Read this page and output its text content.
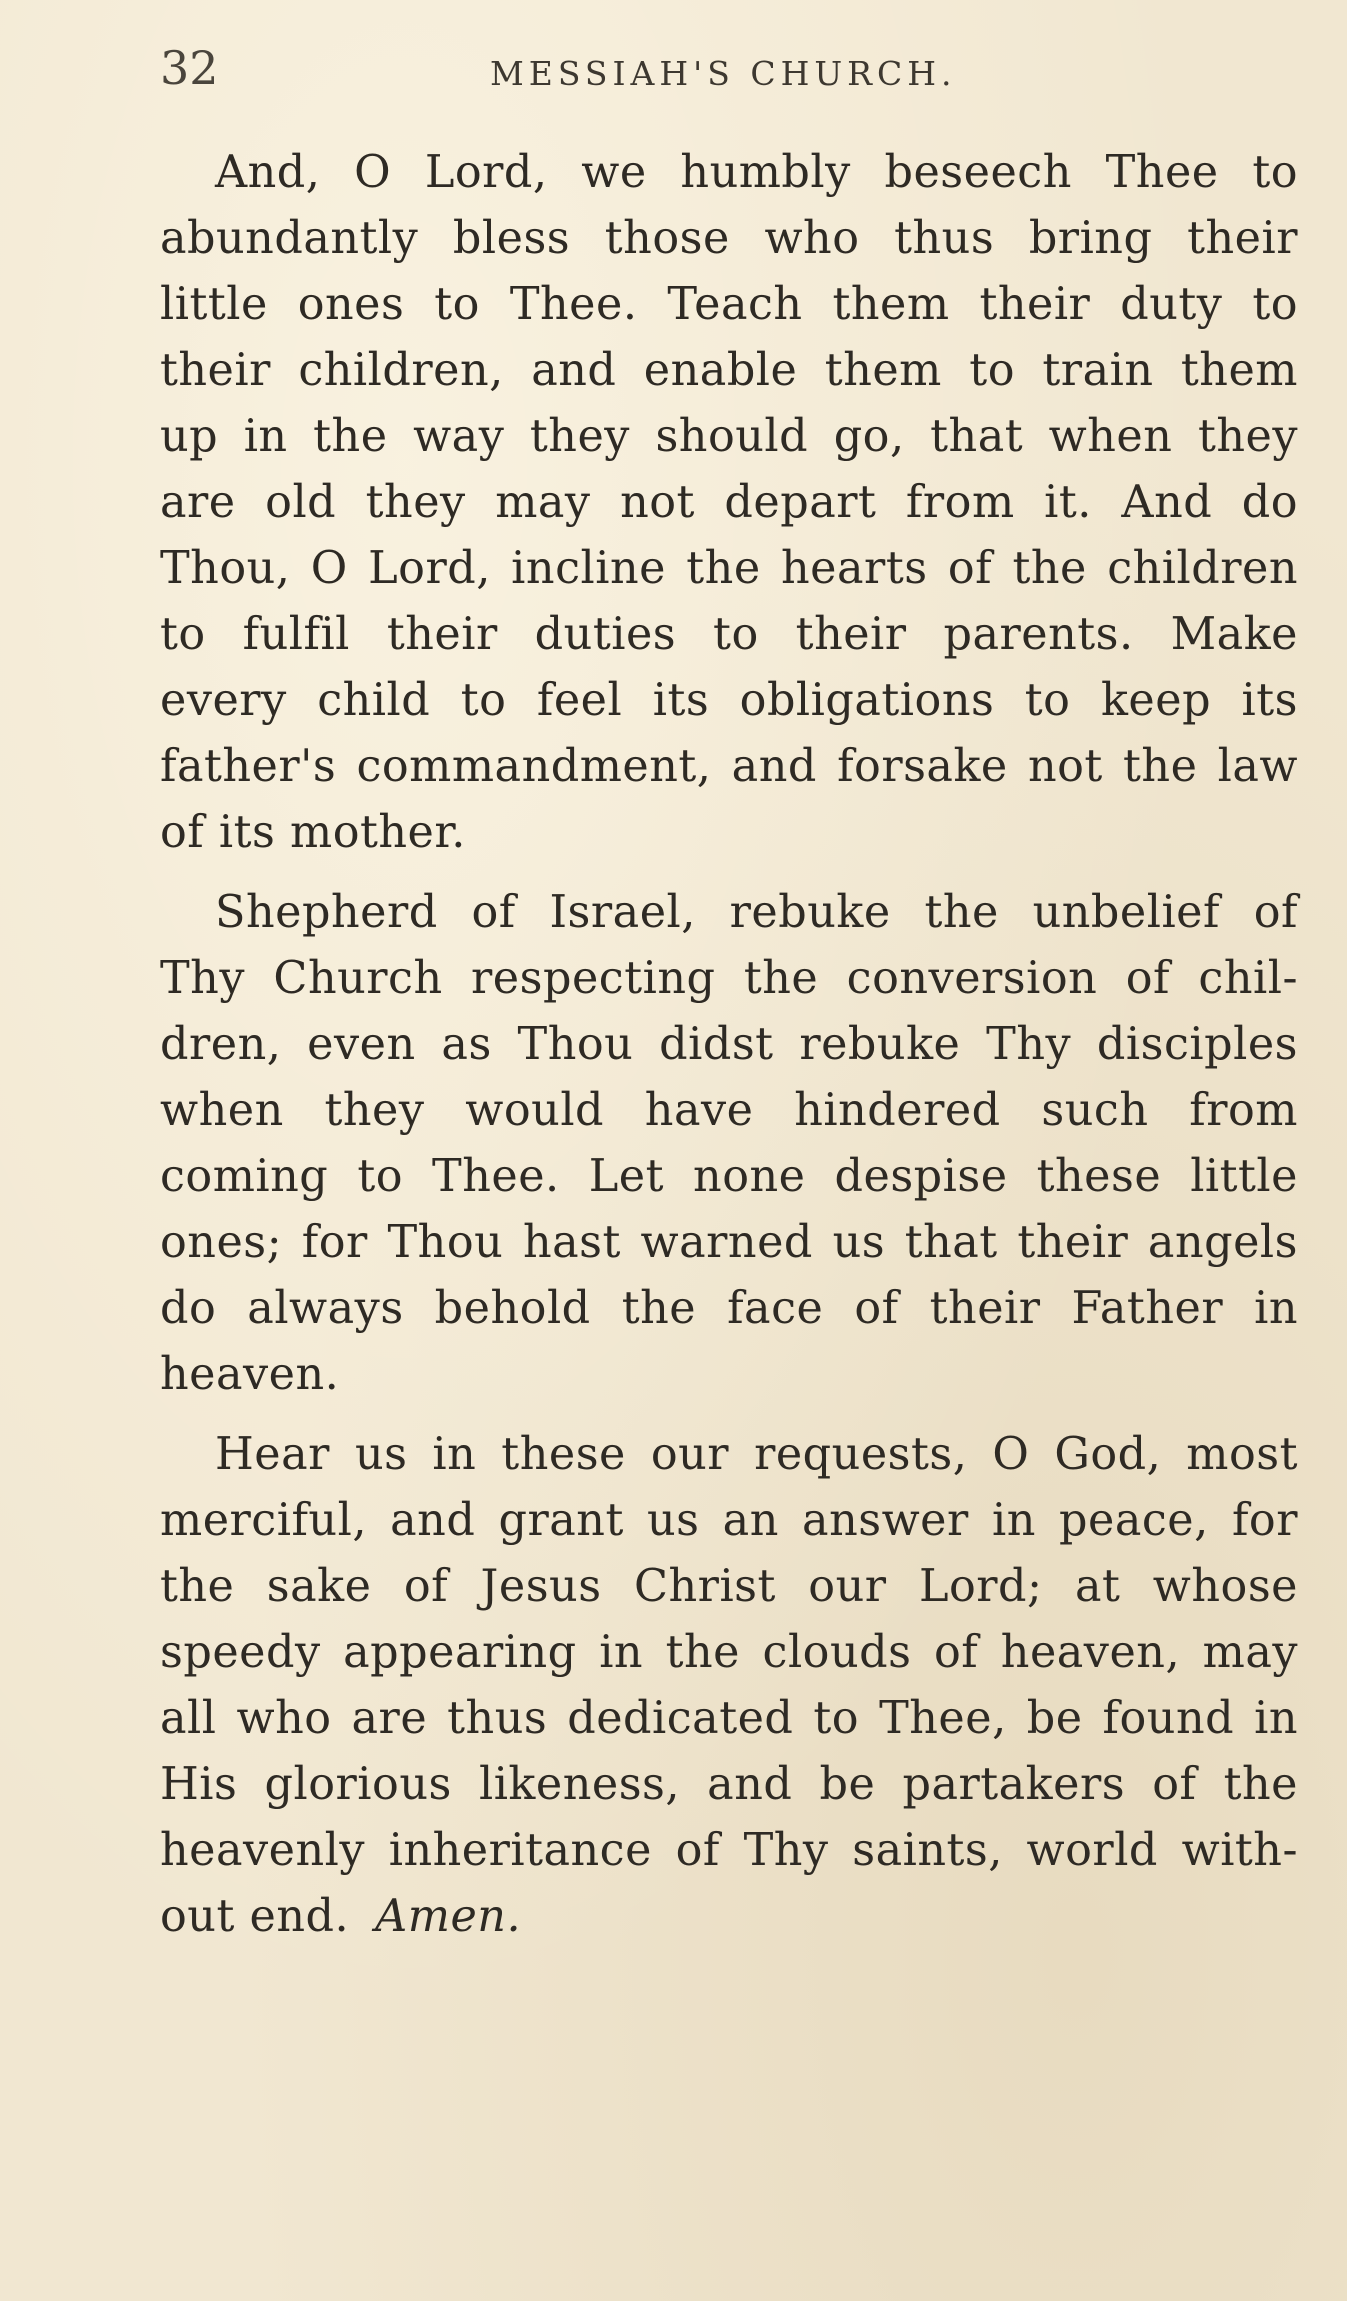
32	MESSIAH'S CHURCH.
And, O Lord, we humbly beseech Thee to
abundantly bless those who thus bring their
little ones to Thee. Teach them their duty to
their children, and enable them to train them
up in the way they should go, that when they
are old they may not depart from it. And do
Thou, O Lord, incline the hearts of the children
to fulfil their duties to their parents. Make
every child to feel its obligations to keep its
father's commandment, and forsake not the law
of its mother.
Shepherd of Israel, rebuke the unbelief of
Thy Church respecting the conversion of chil-
dren, even as Thou didst rebuke Thy disciples
when they would have hindered such from
coming to Thee. Let none despise these little
ones; for Thou hast warned us that their angels
do always behold the face of their Father in
heaven.
Hear us in these our requests, O God, most
merciful, and grant us an answer in peace, for
the sake of Jesus Christ our Lord; at whose
speedy appearing in the clouds of heaven, may
all who are thus dedicated to Thee, be found in
His glorious likeness, and be partakers of the
heavenly inheritance of Thy saints, world with-
out end. Amen.
